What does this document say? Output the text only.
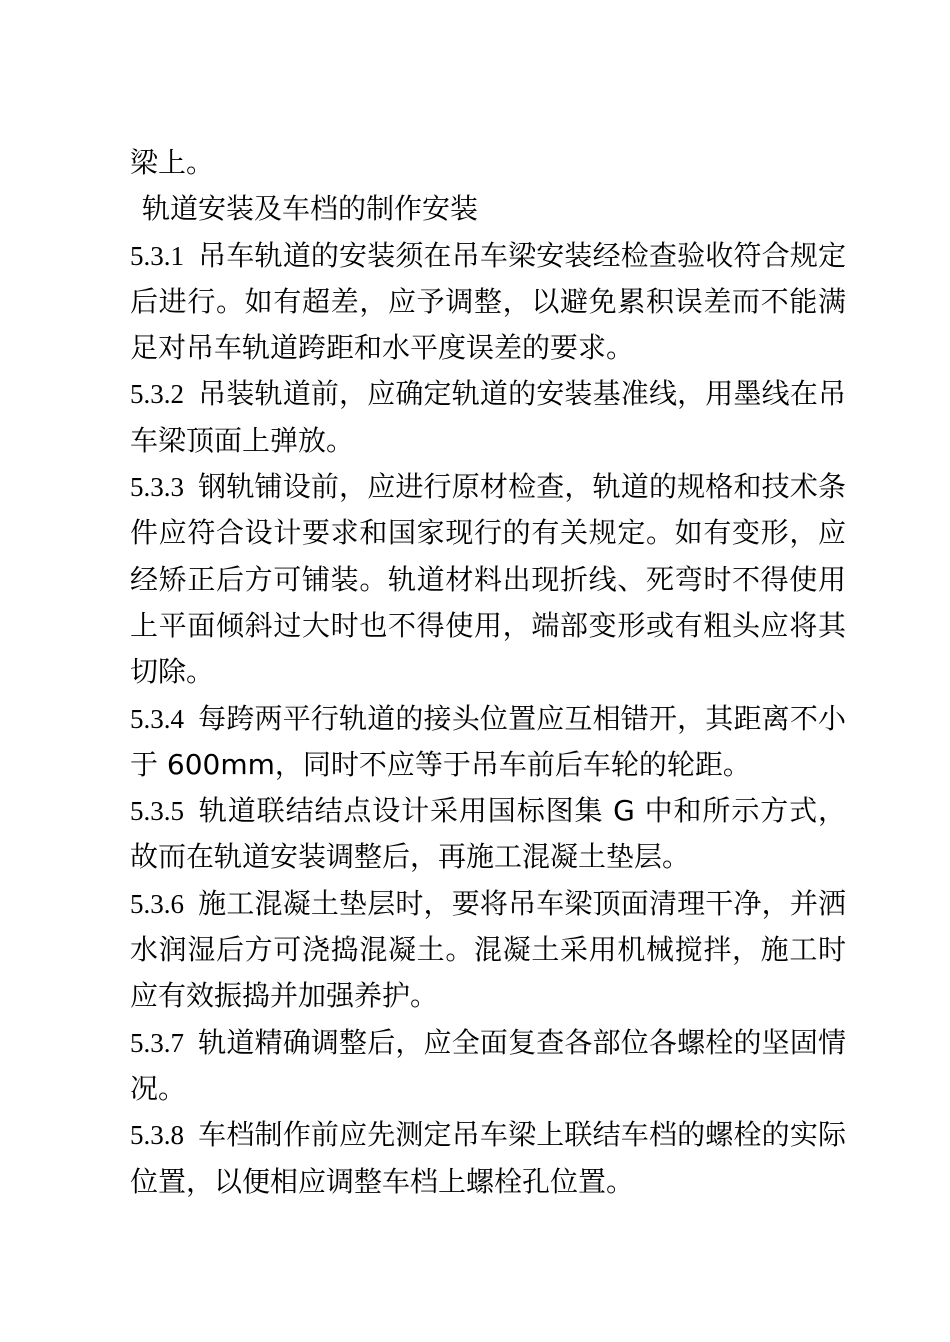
梁上。

轨道安装及车档的制作安装

5.3.1 吊车轨道的安装须在吊车梁安装经检查验收符合规定后进行。如有超差，应予调整，以避免累积误差而不能满足对吊车轨道跨距和水平度误差的要求。

5.3.2 吊装轨道前，应确定轨道的安装基准线，用墨线在吊车梁顶面上弹放。

5.3.3 钢轨铺设前，应进行原材检查，轨道的规格和技术条件应符合设计要求和国家现行的有关规定。如有变形，应经矫正后方可铺装。轨道材料出现折线、死弯时不得使用上平面倾斜过大时也不得使用，端部变形或有粗头应将其切除。

5.3.4 每跨两平行轨道的接头位置应互相错开，其距离不小于 600mm，同时不应等于吊车前后车轮的轮距。

5.3.5 轨道联结结点设计采用国标图集 G 中和所示方式，故而在轨道安装调整后，再施工混凝土垫层。

5.3.6 施工混凝土垫层时，要将吊车梁顶面清理干净，并洒水润湿后方可浇捣混凝土。混凝土采用机械搅拌，施工时应有效振捣并加强养护。

5.3.7 轨道精确调整后，应全面复查各部位各螺栓的坚固情况。

5.3.8 车档制作前应先测定吊车梁上联结车档的螺栓的实际位置，以便相应调整车档上螺栓孔位置。
